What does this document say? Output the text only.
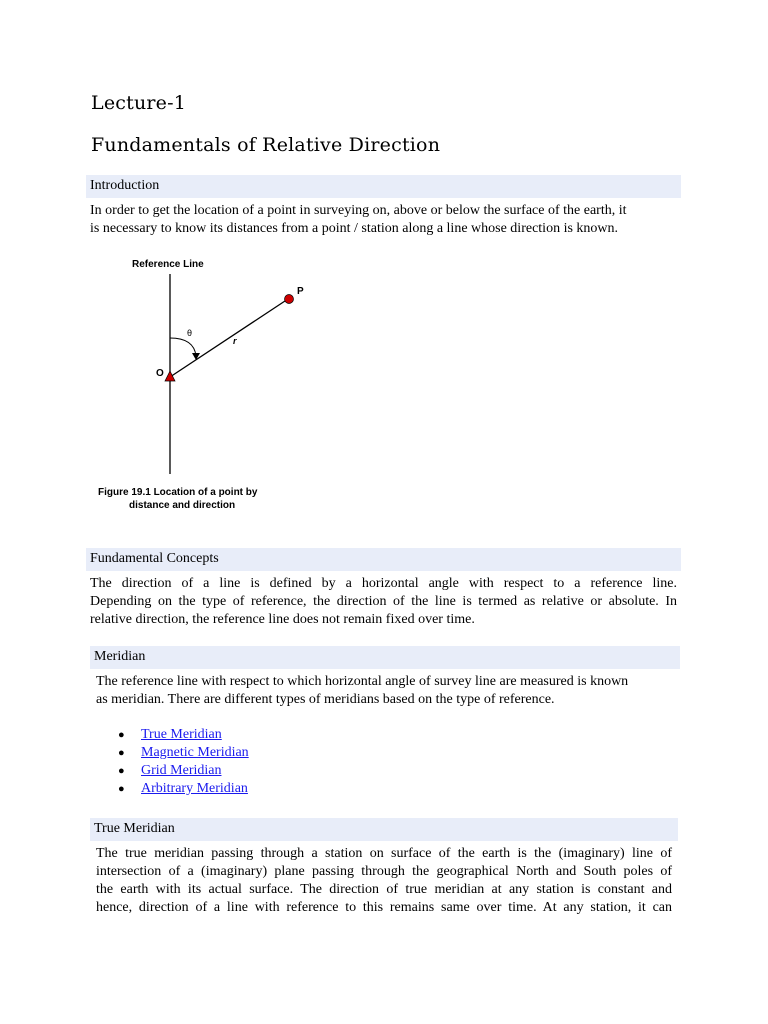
Lecture-1
Fundamentals of Relative Direction
Introduction
In order to get the location of a point in surveying on, above or below the surface of the earth, it
is necessary to know its distances from a point / station along a line whose direction is known.
Reference Line
P
O
θ
r
Figure 19.1 Location of a point by
distance and direction
Fundamental Concepts
The direction of a line is defined by a horizontal angle with respect to a reference line.
Depending on the type of reference, the direction of the line is termed as relative or absolute. In
relative direction, the reference line does not remain fixed over time.
Meridian
The reference line with respect to which horizontal angle of survey line are measured is known
as meridian. There are different types of meridians based on the type of reference.
● True Meridian
● Magnetic Meridian
● Grid Meridian
● Arbitrary Meridian
True Meridian
The true meridian passing through a station on surface of the earth is the (imaginary) line of
intersection of a (imaginary) plane passing through the geographical North and South poles of
the earth with its actual surface. The direction of true meridian at any station is constant and
hence, direction of a line with reference to this remains same over time. At any station, it can
